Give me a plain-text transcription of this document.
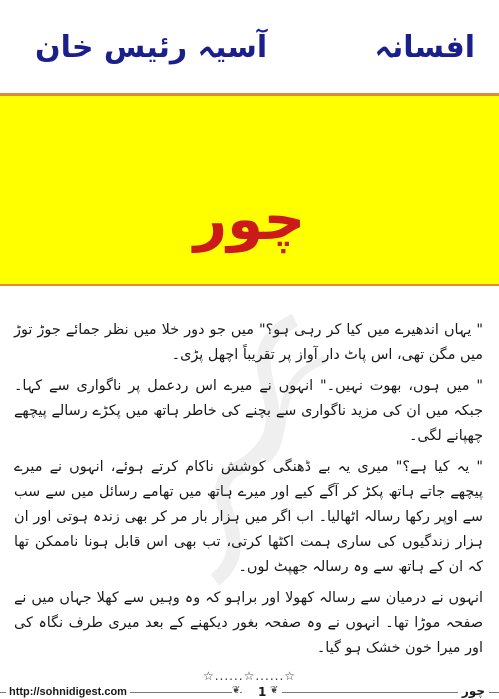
افسانہ
آسیہ رئیس خان
چور

" یہاں اندھیرے میں کیا کر رہی ہو؟" میں جو دور خلا میں نظر جمائے جوڑ توڑ میں مگن تھی، اس پاٹ دار آواز پر تقریباً اچھل پڑی۔

" میں ہوں، بھوت نہیں۔" انہوں نے میرے اس ردعمل پر ناگواری سے کہا۔ جبکہ میں ان کی مزید ناگواری سے بچنے کی خاطر ہاتھ میں پکڑے رسالے پیچھے چھپانے لگی۔

" یہ کیا ہے؟" میری یہ بے ڈھنگی کوشش ناکام کرتے ہوئے، انہوں نے میرے پیچھے جاتے ہاتھ پکڑ کر آگے کیے اور میرے ہاتھ میں تھامے رسائل میں سے سب سے اوپر رکھا رسالہ اٹھالیا۔ اب اگر میں ہزار بار مر کر بھی زندہ ہوتی اور ان ہزار زندگیوں کی ساری ہمت اکٹھا کرتی، تب بھی اس قابل ہونا ناممکن تھا کہ ان کے ہاتھ سے وہ رسالہ جھپٹ لوں۔

انہوں نے درمیان سے رسالہ کھولا اور براہو کہ وہ وہیں سے کھلا جہاں میں نے صفحہ موڑا تھا۔ انہوں نے وہ صفحہ بغور دیکھنے کے بعد میری طرف نگاہ کی اور میرا خون خشک ہو گیا۔

☆......☆......☆
http://sohnidigest.com	❦	1 ❦	چور
